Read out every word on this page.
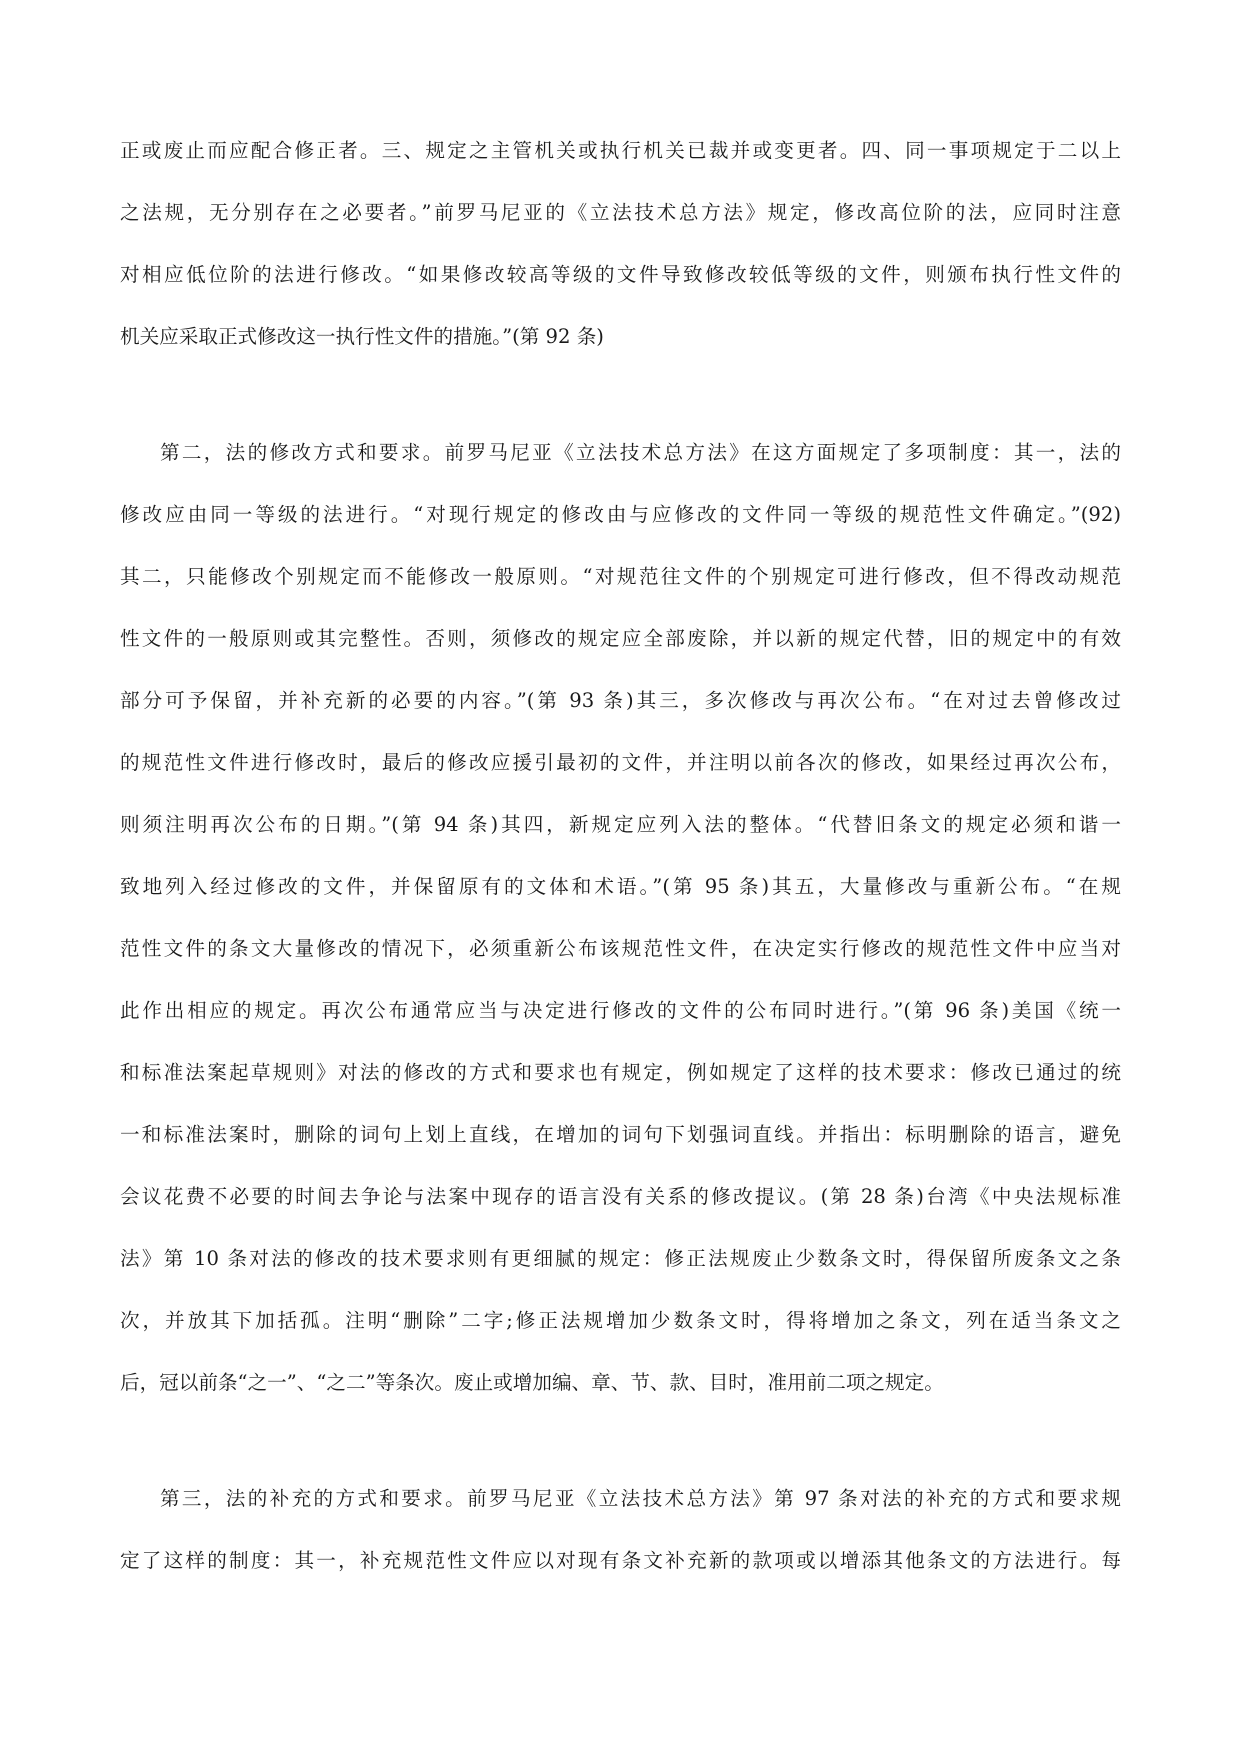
正或废止而应配合修正者。三、规定之主管机关或执行机关已裁并或变更者。四、同一事项规定于二以上
之法规，无分别存在之必要者。”前罗马尼亚的《立法技术总方法》规定，修改高位阶的法，应同时注意
对相应低位阶的法进行修改。“如果修改较高等级的文件导致修改较低等级的文件，则颁布执行性文件的
机关应采取正式修改这一执行性文件的措施。”(第 92 条)
第二，法的修改方式和要求。前罗马尼亚《立法技术总方法》在这方面规定了多项制度：其一，法的
修改应由同一等级的法进行。“对现行规定的修改由与应修改的文件同一等级的规范性文件确定。”(92)
其二，只能修改个别规定而不能修改一般原则。“对规范往文件的个别规定可进行修改，但不得改动规范
性文件的一般原则或其完整性。否则，须修改的规定应全部废除，并以新的规定代替，旧的规定中的有效
部分可予保留，并补充新的必要的内容。”(第 93 条)其三，多次修改与再次公布。“在对过去曾修改过
的规范性文件进行修改时，最后的修改应援引最初的文件，并注明以前各次的修改，如果经过再次公布，
则须注明再次公布的日期。”(第 94 条)其四，新规定应列入法的整体。“代替旧条文的规定必须和谐一
致地列入经过修改的文件，并保留原有的文体和术语。”(第 95 条)其五，大量修改与重新公布。“在规
范性文件的条文大量修改的情况下，必须重新公布该规范性文件，在决定实行修改的规范性文件中应当对
此作出相应的规定。再次公布通常应当与决定进行修改的文件的公布同时进行。”(第 96 条)美国《统一
和标准法案起草规则》对法的修改的方式和要求也有规定，例如规定了这样的技术要求：修改已通过的统
一和标准法案时，删除的词句上划上直线，在增加的词句下划强词直线。并指出：标明删除的语言，避免
会议花费不必要的时间去争论与法案中现存的语言没有关系的修改提议。(第 28 条)台湾《中央法规标准
法》第 10 条对法的修改的技术要求则有更细腻的规定：修正法规废止少数条文时，得保留所废条文之条
次，并放其下加括孤。注明“删除”二字;修正法规增加少数条文时，得将增加之条文，列在适当条文之
后，冠以前条“之一”、“之二”等条次。废止或增加编、章、节、款、目时，准用前二项之规定。
第三，法的补充的方式和要求。前罗马尼亚《立法技术总方法》第 97 条对法的补充的方式和要求规
定了这样的制度：其一，补充规范性文件应以对现有条文补充新的款项或以增添其他条文的方法进行。每
